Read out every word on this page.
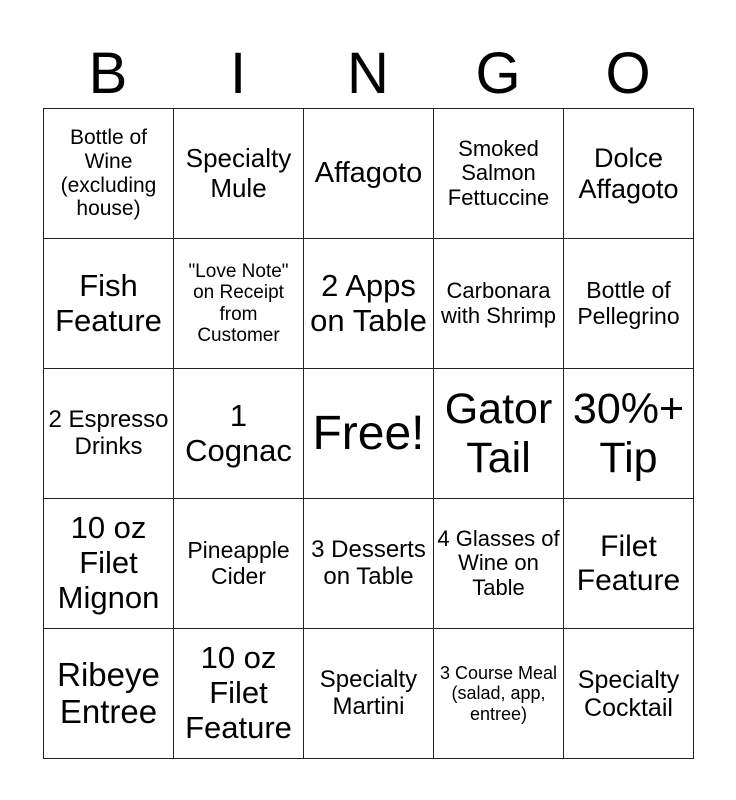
B	I	N	G	O
Bottle of Wine (excluding house)	Specialty Mule	Affagoto	Smoked Salmon Fettuccine	Dolce Affagoto

Fish Feature	"Love Note" on Receipt from Customer	2 Apps on Table	Carbonara with Shrimp	Bottle of Pellegrino

2 Espresso Drinks	1 Cognac	Free!	Gator Tail	30%+ Tip

10 oz Filet Mignon	Pineapple Cider	3 Desserts on Table	4 Glasses of Wine on Table	Filet Feature

Ribeye Entree	10 oz Filet Feature	Specialty Martini	3 Course Meal (salad, app, entree)	Specialty Cocktail
